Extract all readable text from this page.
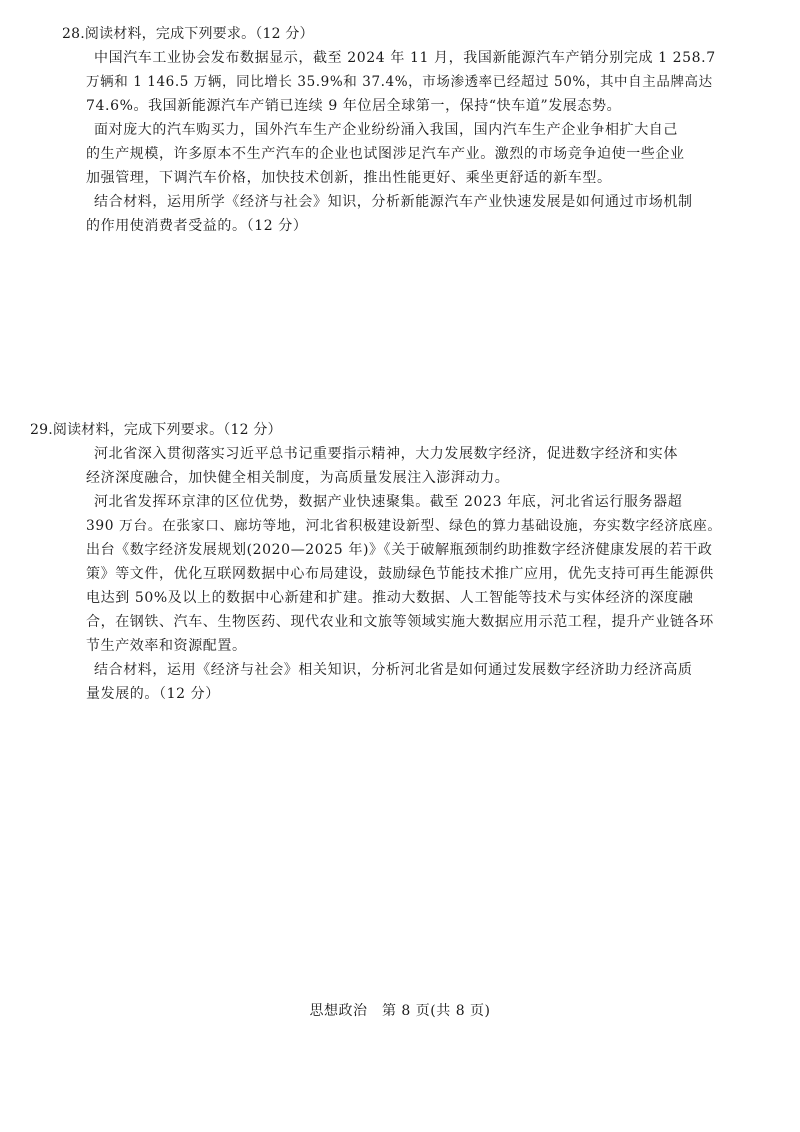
28.阅读材料，完成下列要求。（12 分）

中国汽车工业协会发布数据显示，截至 2024 年 11 月，我国新能源汽车产销分别完成 1 258.7
万辆和 1 146.5 万辆，同比增长 35.9%和 37.4%，市场渗透率已经超过 50%，其中自主品牌高达
74.6%。我国新能源汽车产销已连续 9 年位居全球第一，保持“快车道”发展态势。
面对庞大的汽车购买力，国外汽车生产企业纷纷涌入我国，国内汽车生产企业争相扩大自己
的生产规模，许多原本不生产汽车的企业也试图涉足汽车产业。激烈的市场竞争迫使一些企业
加强管理，下调汽车价格，加快技术创新，推出性能更好、乘坐更舒适的新车型。
结合材料，运用所学《经济与社会》知识，分析新能源汽车产业快速发展是如何通过市场机制
的作用使消费者受益的。（12 分）

29.阅读材料，完成下列要求。（12 分）

河北省深入贯彻落实习近平总书记重要指示精神，大力发展数字经济，促进数字经济和实体
经济深度融合，加快健全相关制度，为高质量发展注入澎湃动力。
河北省发挥环京津的区位优势，数据产业快速聚集。截至 2023 年底，河北省运行服务器超
390 万台。在张家口、廊坊等地，河北省积极建设新型、绿色的算力基础设施，夯实数字经济底座。
出台《数字经济发展规划(2020—2025 年)》《关于破解瓶颈制约助推数字经济健康发展的若干政
策》等文件，优化互联网数据中心布局建设，鼓励绿色节能技术推广应用，优先支持可再生能源供
电达到 50%及以上的数据中心新建和扩建。推动大数据、人工智能等技术与实体经济的深度融
合，在钢铁、汽车、生物医药、现代农业和文旅等领域实施大数据应用示范工程，提升产业链各环
节生产效率和资源配置。
结合材料，运用《经济与社会》相关知识，分析河北省是如何通过发展数字经济助力经济高质
量发展的。（12 分）
思想政治　第 8 页(共 8 页)
